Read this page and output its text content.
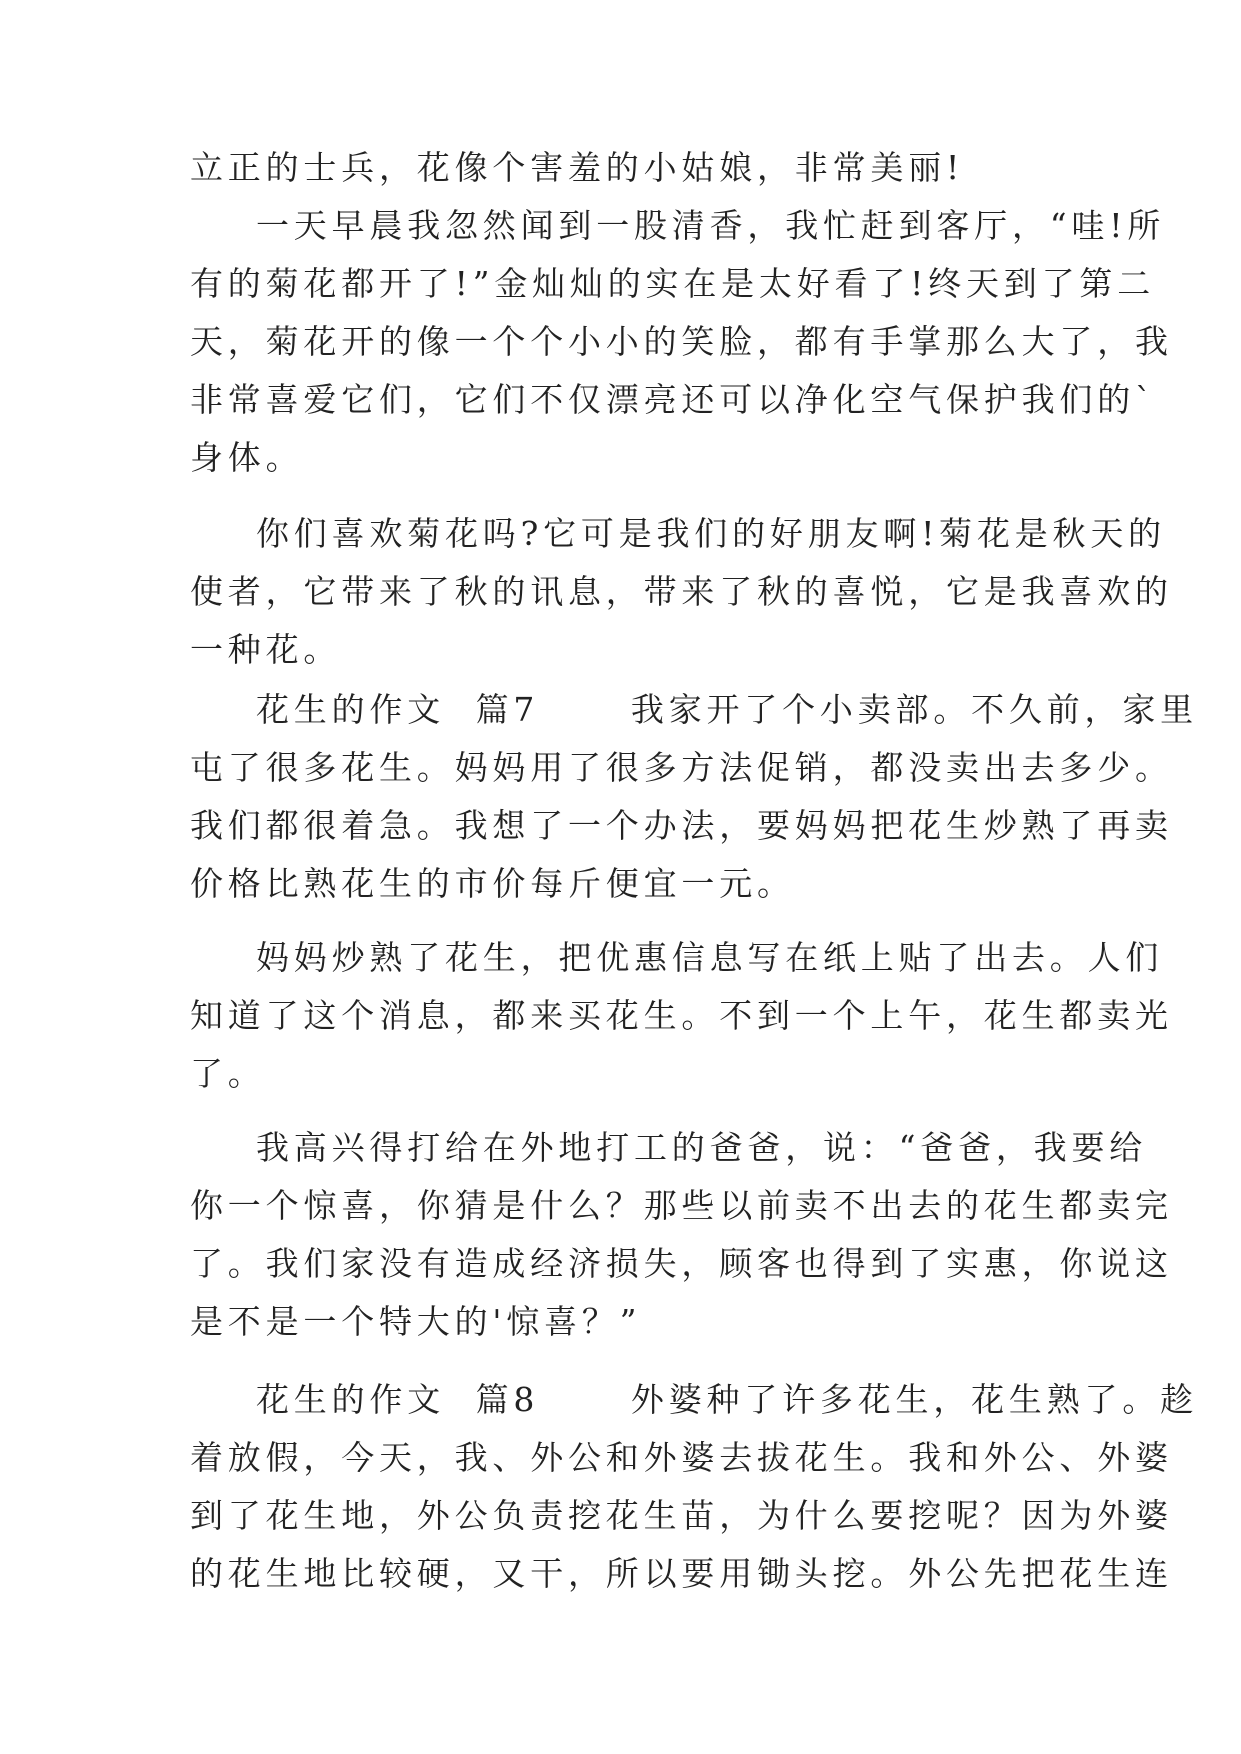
立正的士兵，花像个害羞的小姑娘，非常美丽!
一天早晨我忽然闻到一股清香，我忙赶到客厅，“哇!所
有的菊花都开了!”金灿灿的实在是太好看了!终天到了第二
天，菊花开的像一个个小小的笑脸，都有手掌那么大了，我
非常喜爱它们，它们不仅漂亮还可以净化空气保护我们的`
身体。
你们喜欢菊花吗?它可是我们的好朋友啊!菊花是秋天的
使者，它带来了秋的讯息，带来了秋的喜悦，它是我喜欢的
一种花。
花生的作文  篇7      我家开了个小卖部。不久前，家里
屯了很多花生。妈妈用了很多方法促销，都没卖出去多少。
我们都很着急。我想了一个办法，要妈妈把花生炒熟了再卖
价格比熟花生的市价每斤便宜一元。
妈妈炒熟了花生，把优惠信息写在纸上贴了出去。人们
知道了这个消息，都来买花生。不到一个上午，花生都卖光
了。
我高兴得打给在外地打工的爸爸，说：“爸爸，我要给
你一个惊喜，你猜是什么？那些以前卖不出去的花生都卖完
了。我们家没有造成经济损失，顾客也得到了实惠，你说这
是不是一个特大的'惊喜？”
花生的作文  篇8      外婆种了许多花生，花生熟了。趁
着放假，今天，我、外公和外婆去拔花生。我和外公、外婆
到了花生地，外公负责挖花生苗，为什么要挖呢？因为外婆
的花生地比较硬，又干，所以要用锄头挖。外公先把花生连
